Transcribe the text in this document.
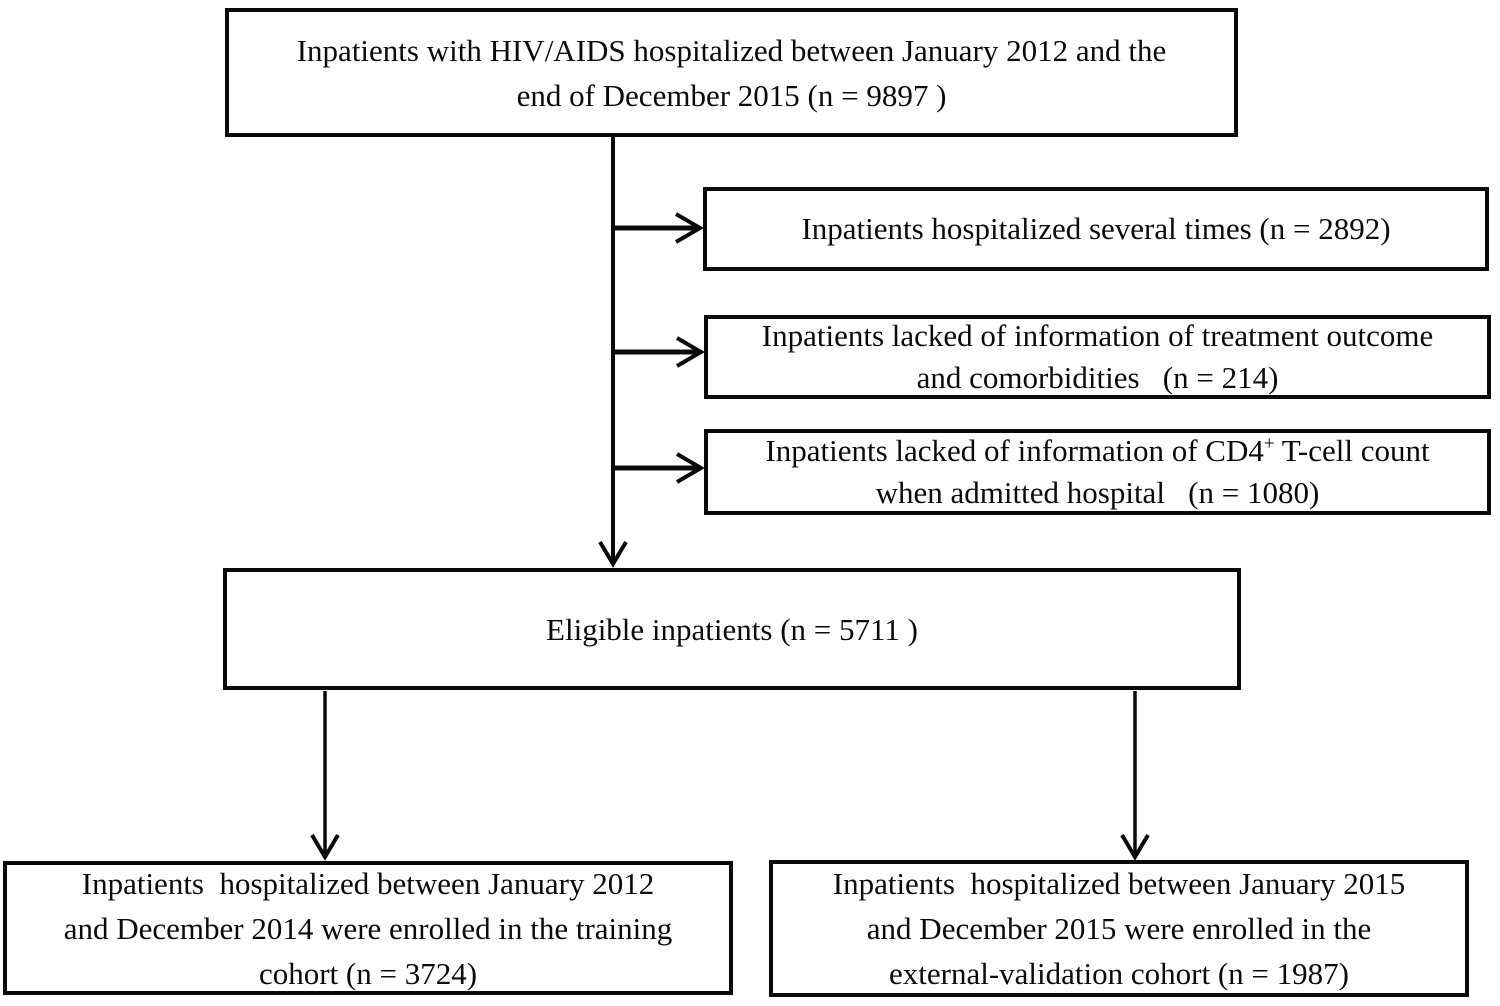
Inpatients with HIV/AIDS hospitalized between January 2012 and the
end of December 2015 (n = 9897 )
Inpatients hospitalized several times (n = 2892)
Inpatients lacked of information of treatment outcome
and comorbidities   (n = 214)
Inpatients lacked of information of CD4+ T-cell count
when admitted hospital   (n = 1080)
Eligible inpatients (n = 5711 )
Inpatients  hospitalized between January 2012
and December 2014 were enrolled in the training
cohort (n = 3724)
Inpatients  hospitalized between January 2015
and December 2015 were enrolled in the
external-validation cohort (n = 1987)
